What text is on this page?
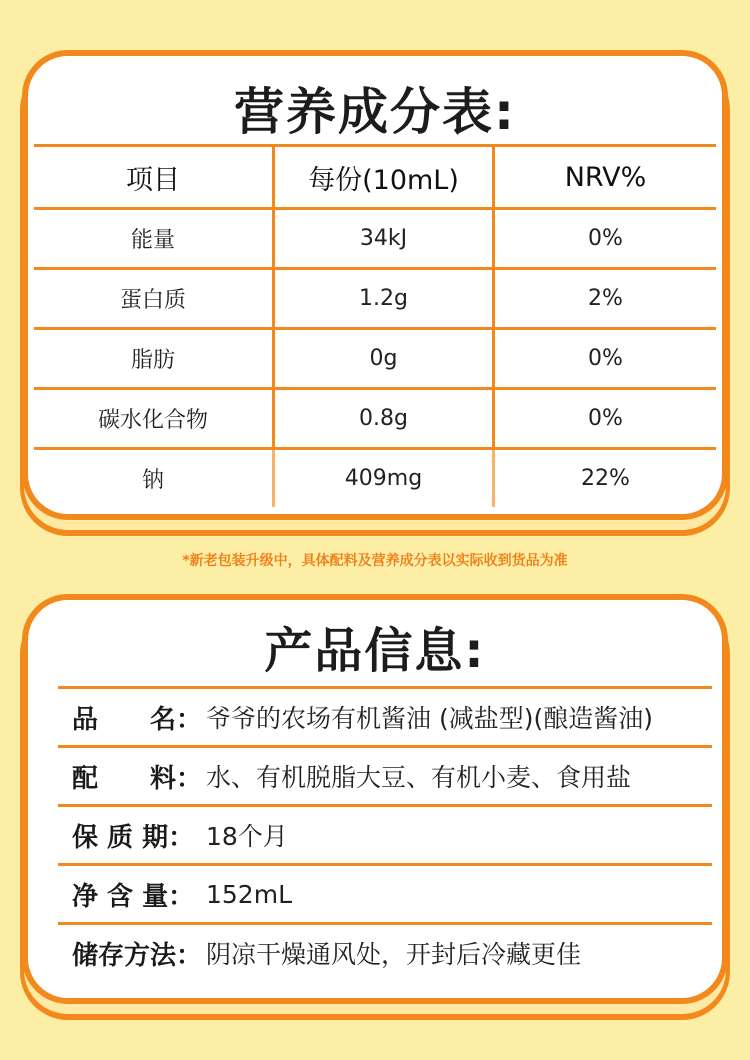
营养成分表:
项目	每份(10mL)	NRV%
能量	34kJ	0%
蛋白质	1.2g	2%
脂肪	0g	0%
碳水化合物	0.8g	0%
钠	409mg	22%
*新老包装升级中，具体配料及营养成分表以实际收到货品为准
产品信息:
品　　名： 爷爷的农场有机酱油 (减盐型)(酿造酱油)
配　　料： 水、有机脱脂大豆、有机小麦、食用盐
保 质 期： 18个月
净 含 量： 152mL
储存方法： 阴凉干燥通风处，开封后冷藏更佳
